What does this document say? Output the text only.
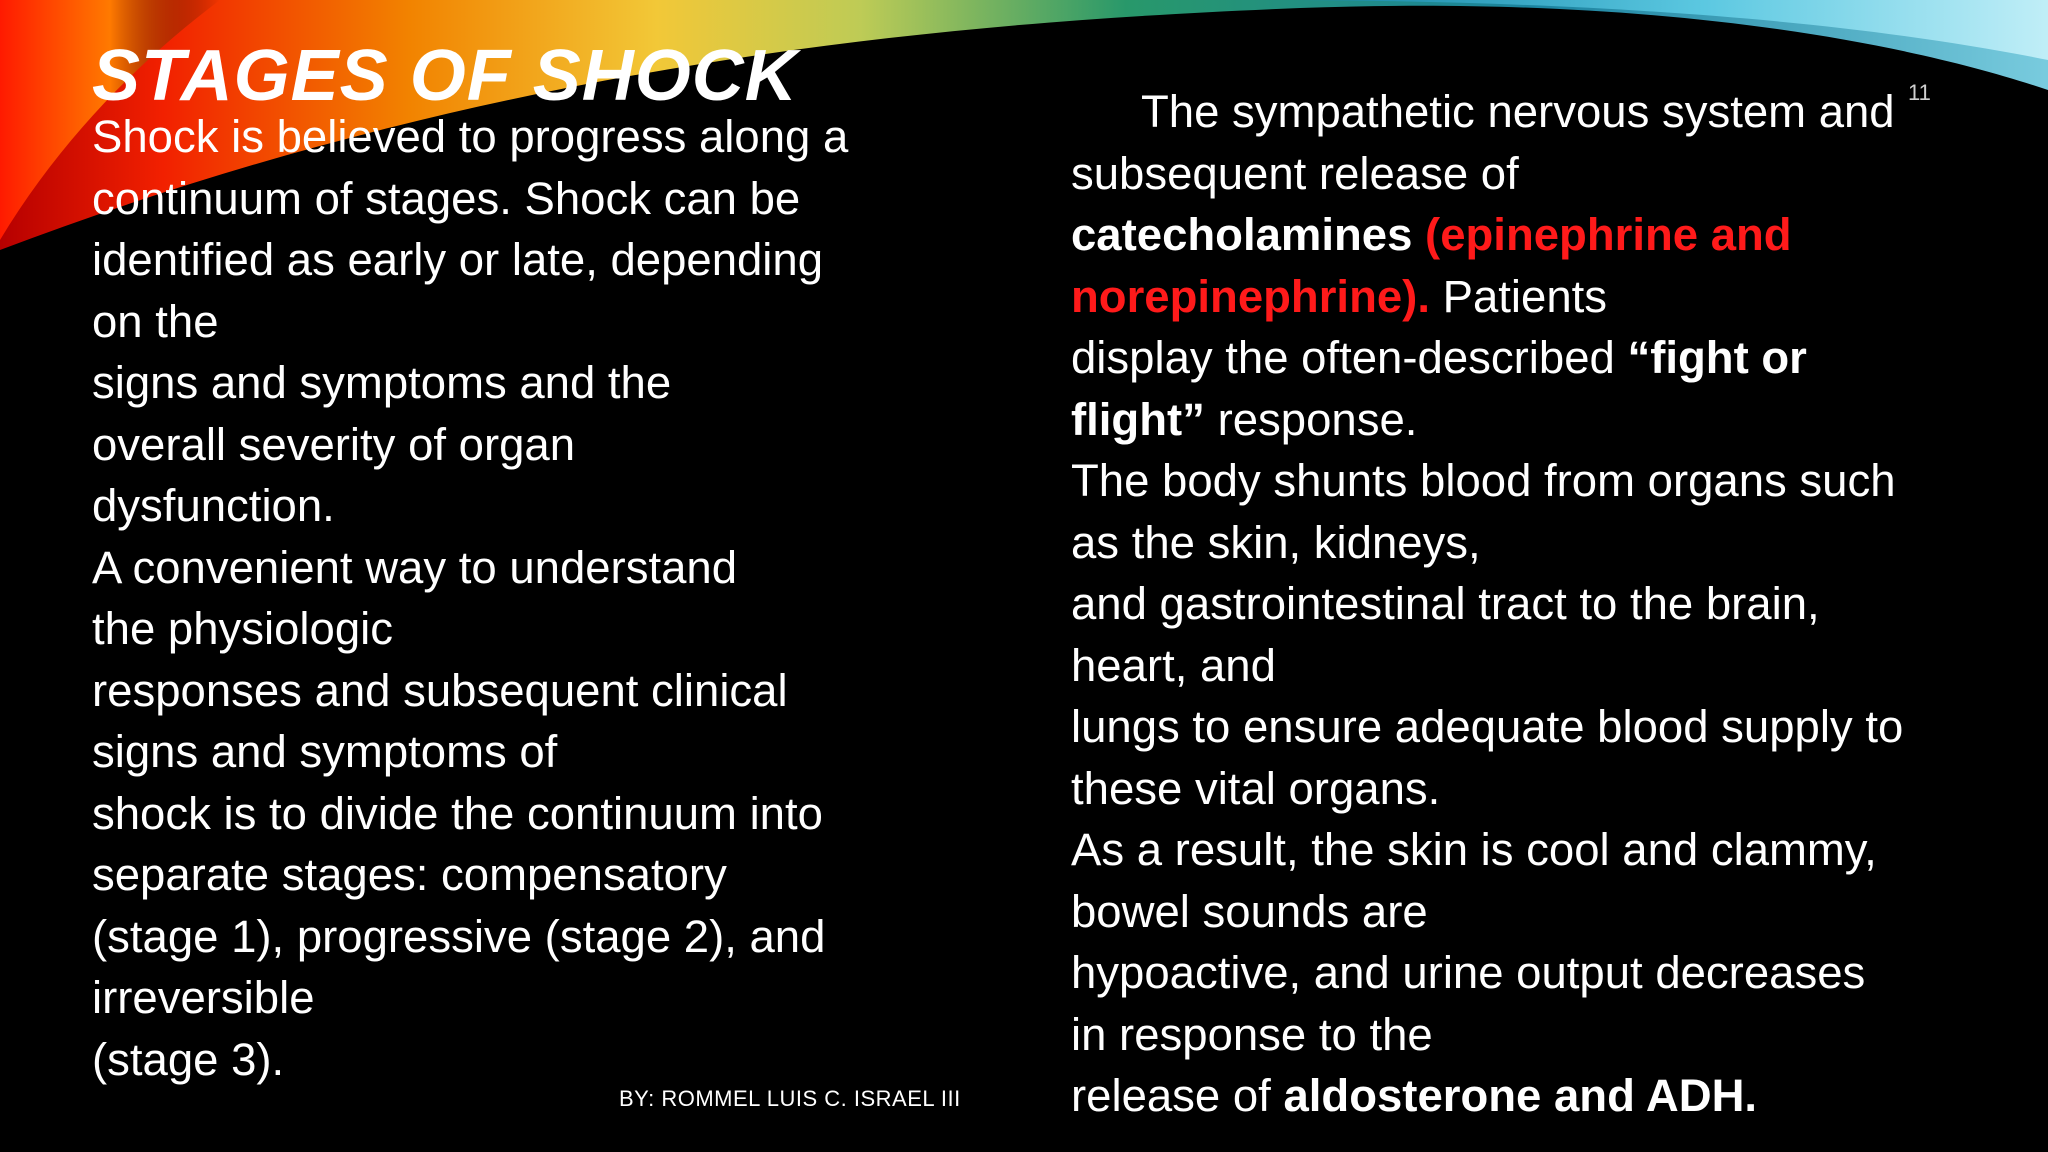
STAGES OF SHOCK	11
Shock is believed to progress along a
continuum of stages. Shock can be
identified as early or late, depending
on the
signs and symptoms and the
overall severity of organ
dysfunction.
A convenient way to understand
the physiologic
responses and subsequent clinical
signs and symptoms of
shock is to divide the continuum into
separate stages: compensatory
(stage 1), progressive (stage 2), and
irreversible
(stage 3).
The sympathetic nervous system and
subsequent release of
catecholamines (epinephrine and
norepinephrine). Patients
display the often-described “fight or
flight” response.
The body shunts blood from organs such
as the skin, kidneys,
and gastrointestinal tract to the brain,
heart, and
lungs to ensure adequate blood supply to
these vital organs.
As a result, the skin is cool and clammy,
bowel sounds are
hypoactive, and urine output decreases
in response to the
release of aldosterone and ADH.
BY: ROMMEL LUIS C. ISRAEL III
